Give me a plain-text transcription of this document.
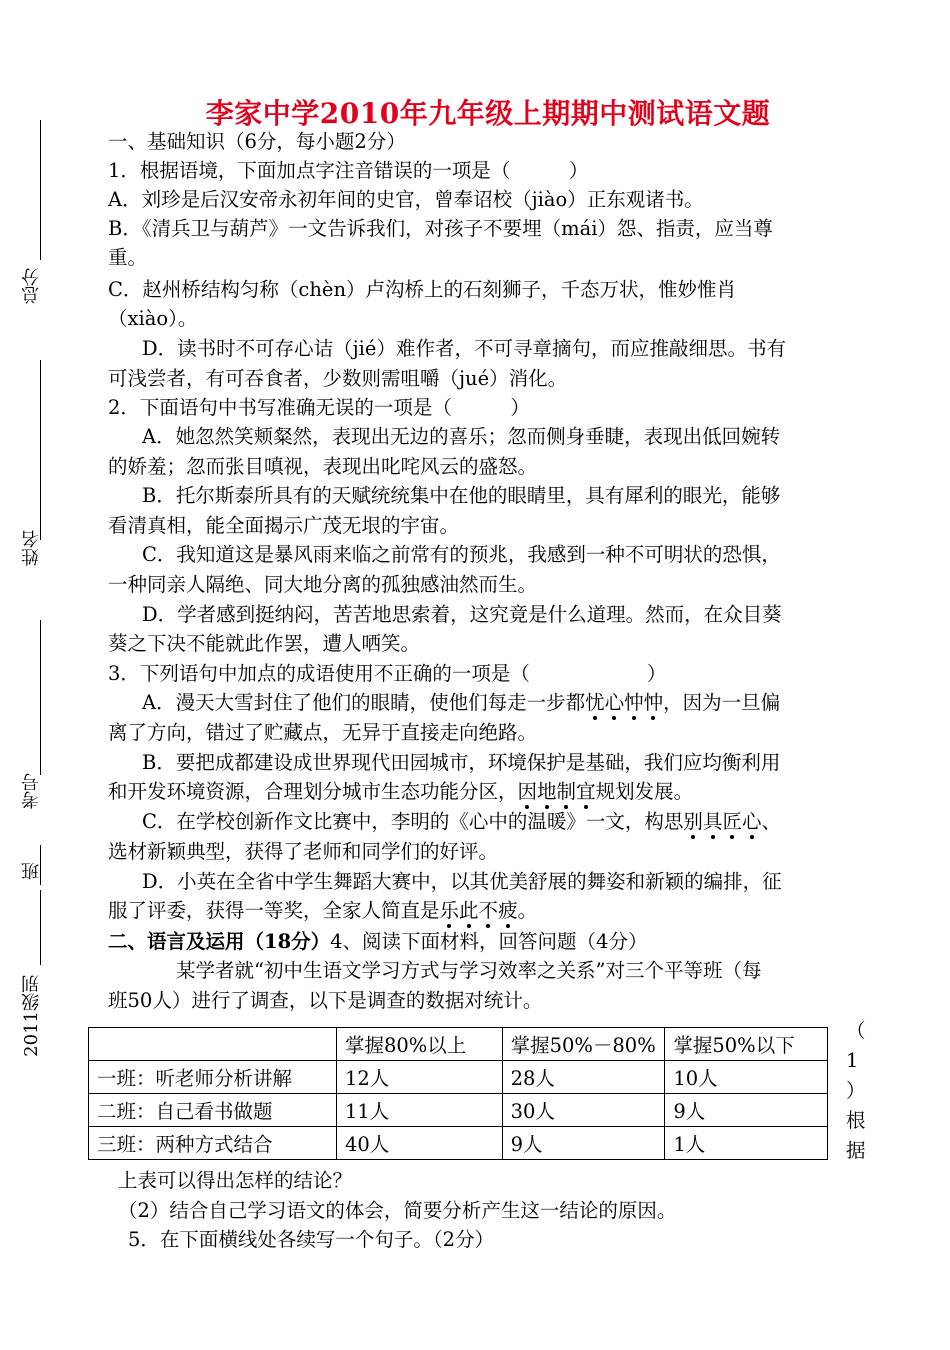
总分
姓名
考号
班
2011级别
李家中学2010年九年级上期期中测试语文题
一、基础知识（6分，每小题2分）
1．根据语境，下面加点字注音错误的一项是（　　　）
A．刘珍是后汉安帝永初年间的史官，曾奉诏校（jiào）正东观诸书。
B．《清兵卫与葫芦》一文告诉我们，对孩子不要埋（mái）怨、指责，应当尊
重。
C．赵州桥结构匀称（chèn）卢沟桥上的石刻狮子，千态万状，惟妙惟肖
（xiào）。
D．读书时不可存心诘（jié）难作者，不可寻章摘句，而应推敲细思。书有
可浅尝者，有可吞食者，少数则需咀嚼（jué）消化。
2．下面语句中书写准确无误的一项是（　　　）
A．她忽然笑颊粲然，表现出无边的喜乐；忽而侧身垂睫，表现出低回婉转
的娇羞；忽而张目嗔视，表现出叱咤风云的盛怒。
B．托尔斯泰所具有的天赋统统集中在他的眼睛里，具有犀利的眼光，能够
看清真相，能全面揭示广茂无垠的宇宙。
C．我知道这是暴风雨来临之前常有的预兆，我感到一种不可明状的恐惧，
一种同亲人隔绝、同大地分离的孤独感油然而生。
D．学者感到挺纳闷，苦苦地思索着，这究竟是什么道理。然而，在众目葵
葵之下决不能就此作罢，遭人哂笑。
3．下列语句中加点的成语使用不正确的一项是（　　　　　　）
A．漫天大雪封住了他们的眼睛，使他们每走一步都忧心忡忡，因为一旦偏
离了方向，错过了贮藏点，无异于直接走向绝路。
B．要把成都建设成世界现代田园城市，环境保护是基础，我们应均衡利用
和开发环境资源，合理划分城市生态功能分区，因地制宜规划发展。
C．在学校创新作文比赛中，李明的《心中的温暖》一文，构思别具匠心、
选材新颖典型，获得了老师和同学们的好评。
D．小英在全省中学生舞蹈大赛中，以其优美舒展的舞姿和新颖的编排，征
服了评委，获得一等奖，全家人简直是乐此不疲。
二、语言及运用（18分）4、阅读下面材料，回答问题（4分）
某学者就“初中生语文学习方式与学习效率之关系”对三个平等班（每
班50人）进行了调查，以下是调查的数据对统计。
	掌握80%以上	掌握50%－80%	掌握50%以下
一班：听老师分析讲解	12人	28人	10人
二班：自己看书做题	11人	30人	9人
三班：两种方式结合	40人	9人	1人
（
1
）
根
据
上表可以得出怎样的结论？
（2）结合自己学习语文的体会，简要分析产生这一结论的原因。
5．在下面横线处各续写一个句子。（2分）
